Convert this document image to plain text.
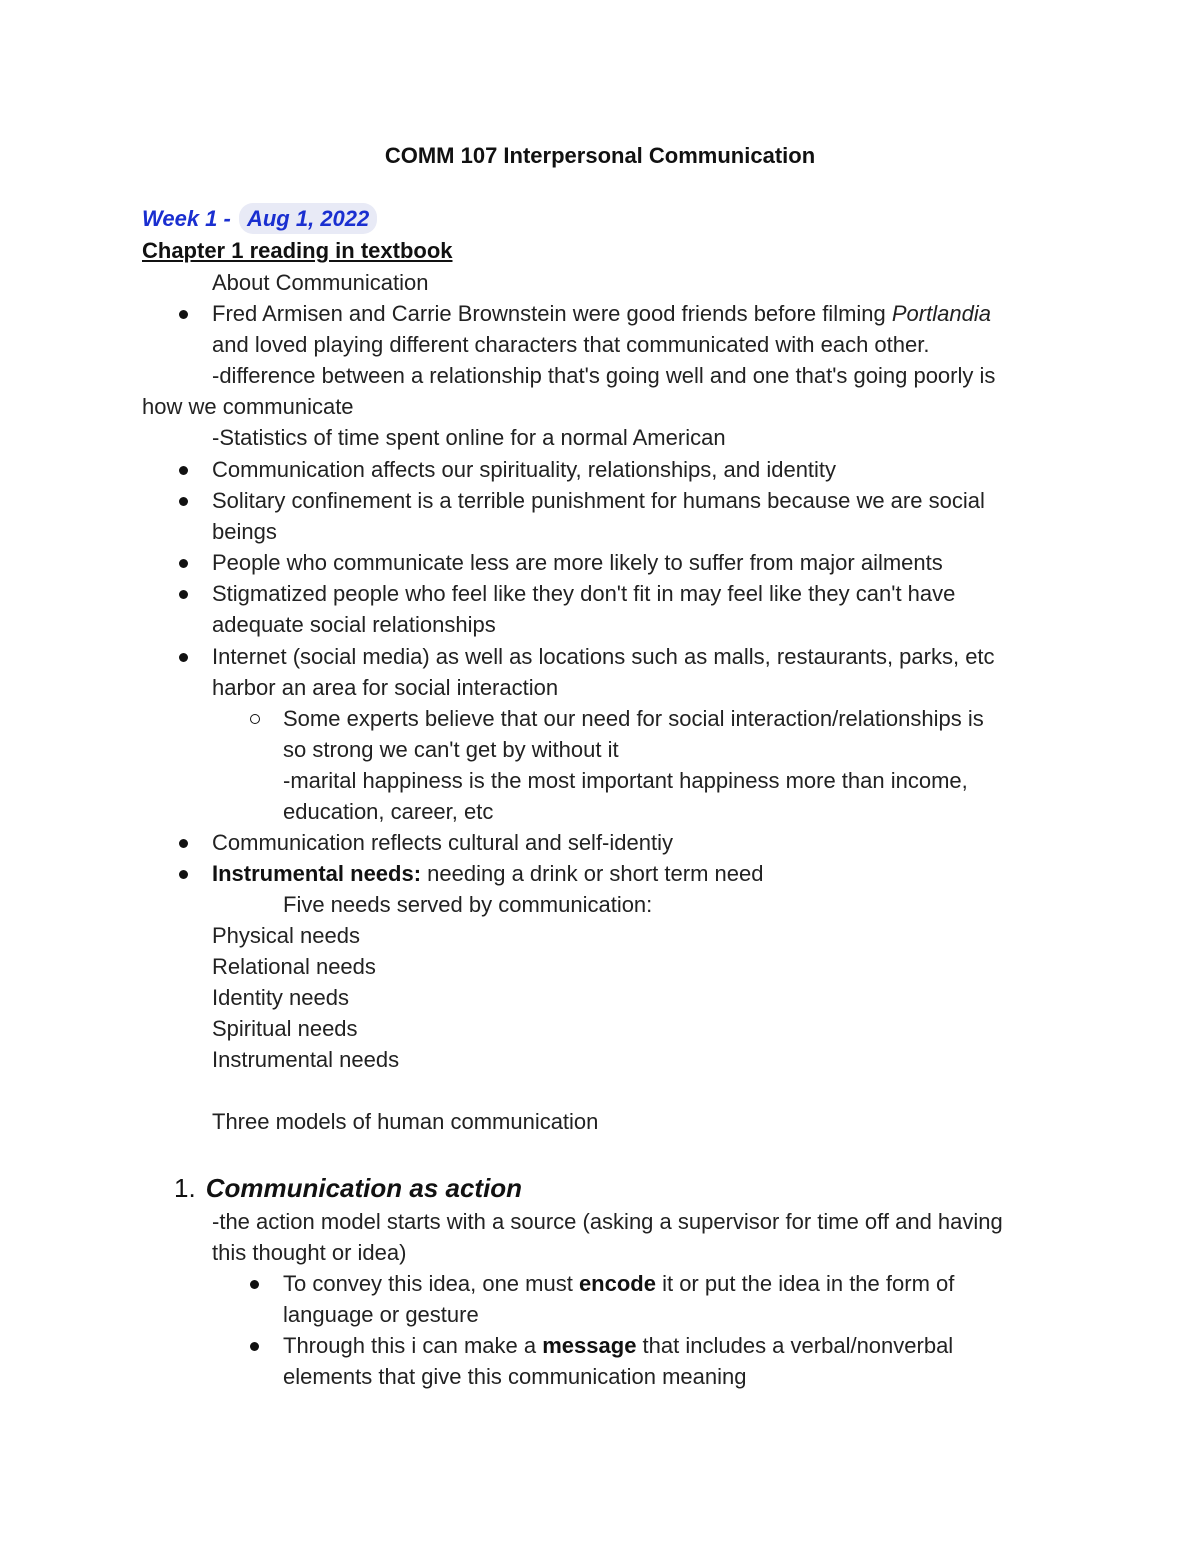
COMM 107 Interpersonal Communication
Week 1 - Aug 1, 2022
Chapter 1 reading in textbook
About Communication
Fred Armisen and Carrie Brownstein were good friends before filming Portlandia
and loved playing different characters that communicated with each other.
-difference between a relationship that's going well and one that's going poorly is
how we communicate
-Statistics of time spent online for a normal American
Communication affects our spirituality, relationships, and identity
Solitary confinement is a terrible punishment for humans because we are social
beings
People who communicate less are more likely to suffer from major ailments
Stigmatized people who feel like they don't fit in may feel like they can't have
adequate social relationships
Internet (social media) as well as locations such as malls, restaurants, parks, etc
harbor an area for social interaction
Some experts believe that our need for social interaction/relationships is
so strong we can't get by without it
-marital happiness is the most important happiness more than income,
education, career, etc
Communication reflects cultural and self-identiy
Instrumental needs: needing a drink or short term need
Five needs served by communication:
Physical needs
Relational needs
Identity needs
Spiritual needs
Instrumental needs
Three models of human communication
1. Communication as action
-the action model starts with a source (asking a supervisor for time off and having
this thought or idea)
To convey this idea, one must encode it or put the idea in the form of
language or gesture
Through this i can make a message that includes a verbal/nonverbal
elements that give this communication meaning
